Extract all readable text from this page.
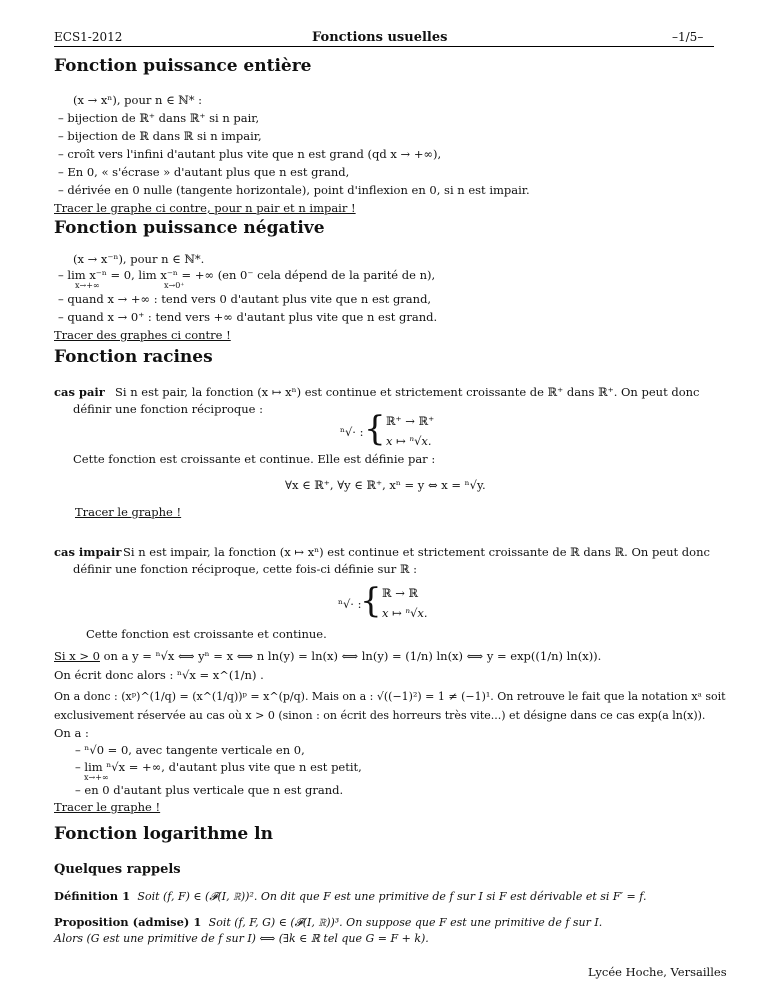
ECS1-2012	Fonctions usuelles	–1/5–
Fonction puissance entière
(x → xⁿ), pour n ∈ ℕ* :
– bijection de ℝ⁺ dans ℝ⁺ si n pair,
– bijection de ℝ dans ℝ si n impair,
– croît vers l'infini d'autant plus vite que n est grand (qd x → +∞),
– En 0, « s'écrase » d'autant plus que n est grand,
– dérivée en 0 nulle (tangente horizontale), point d'inflexion en 0, si n est impair.
Tracer le graphe ci contre, pour n pair et n impair !
Fonction puissance négative
(x → x⁻ⁿ), pour n ∈ ℕ*.
– lim x⁻ⁿ = 0, lim x⁻ⁿ = +∞ (en 0⁻ cela dépend de la parité de n),
x→+∞	x→0⁺
– quand x → +∞ : tend vers 0 d'autant plus vite que n est grand,
– quand x → 0⁺ : tend vers +∞ d'autant plus vite que n est grand.
Tracer des graphes ci contre !
Fonction racines
cas pair Si n est pair, la fonction (x ↦ xⁿ) est continue et strictement croissante de ℝ⁺ dans ℝ⁺. On peut donc
définir une fonction réciproque :
ⁿ√· : { ℝ⁺ → ℝ⁺
x ↦ ⁿ√x.
Cette fonction est croissante et continue. Elle est définie par :
∀x ∈ ℝ⁺, ∀y ∈ ℝ⁺, xⁿ = y ⇔ x = ⁿ√y.
Tracer le graphe !
cas impair Si n est impair, la fonction (x ↦ xⁿ) est continue et strictement croissante de ℝ dans ℝ. On peut donc
définir une fonction réciproque, cette fois-ci définie sur ℝ :
ⁿ√· :
{ ℝ → ℝ
x ↦ ⁿ√x.
Cette fonction est croissante et continue.
Si x > 0 on a y = ⁿ√x ⟺ yⁿ = x ⟺ n ln(y) = ln(x) ⟺ ln(y) = (1/n) ln(x) ⟺ y = exp((1/n) ln(x)).
On écrit donc alors : ⁿ√x = x^(1/n) .
On a donc : (xᵖ)^(1/q) = (x^(1/q))ᵖ = x^(p/q). Mais on a : √((−1)²) = 1 ≠ (−1)¹. On retrouve le fait que la notation xᵃ soit
exclusivement réservée au cas où x > 0 (sinon : on écrit des horreurs très vite...) et désigne dans ce cas exp(a ln(x)).
On a :
– ⁿ√0 = 0, avec tangente verticale en 0,
– lim ⁿ√x = +∞, d'autant plus vite que n est petit,
x→+∞
– en 0 d'autant plus verticale que n est grand.
Tracer le graphe !
Fonction logarithme ln
Quelques rappels
Définition 1 Soit (f, F) ∈ (𝓕(I, ℝ))². On dit que F est une primitive de f sur I si F est dérivable et si F′ = f.
Proposition (admise) 1 Soit (f, F, G) ∈ (𝓕(I, ℝ))³. On suppose que F est une primitive de f sur I.
Alors (G est une primitive de f sur I) ⟺ (∃k ∈ ℝ tel que G = F + k).
Lycée Hoche, Versailles
